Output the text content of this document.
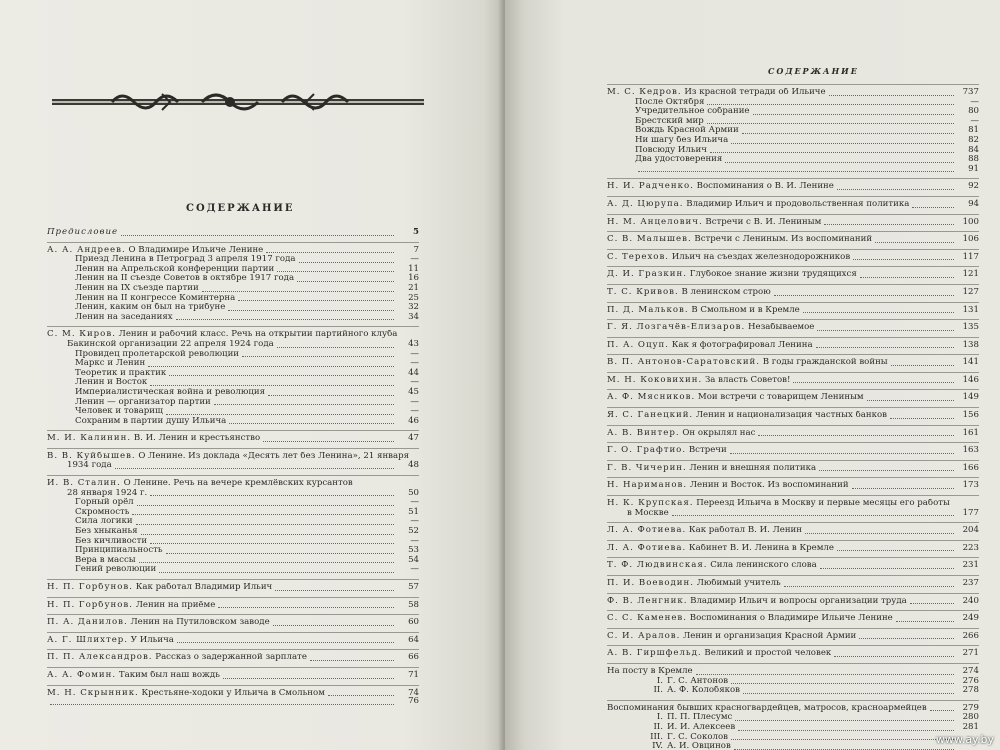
СОДЕРЖАНИЕ
Предисловие	5
А. А. Андреев. О Владимире Ильиче Ленине	7
Приезд Ленина в Петроград 3 апреля 1917 года	—
Ленин на Апрельской конференции партии	11
Ленин на II съезде Советов в октябре 1917 года	16
Ленин на IX съезде партии	21
Ленин на II конгрессе Коминтерна	25
Ленин, каким он был на трибуне	32
Ленин на заседаниях	34
С. М. Киров. Ленин и рабочий класс. Речь на открытии партийного клуба
Бакинской организации 22 апреля 1924 года	43
Провидец пролетарской революции	—
Маркс и Ленин	—
Теоретик и практик	44
Ленин и Восток	—
Империалистическая война и революция	45
Ленин — организатор партии	—
Человек и товарищ	—
Сохраним в партии душу Ильича	46
М. И. Калинин. В. И. Ленин и крестьянство	47
В. В. Куйбышев. О Ленине. Из доклада «Десять лет без Ленина», 21 января
1934 года	48
И. В. Сталин. О Ленине. Речь на вечере кремлёвских курсантов
28 января 1924 г.	50
Горный орёл	—
Скромность	51
Сила логики	—
Без хныканья	52
Без кичливости	—
Принципиальность	53
Вера в массы	54
Гений революции	—
Н. П. Горбунов. Как работал Владимир Ильич	57
Н. П. Горбунов. Ленин на приёме	58
П. А. Данилов. Ленин на Путиловском заводе	60
А. Г. Шлихтер. У Ильича	64
П. П. Александров. Рассказ о задержанной зарплате	66
А. А. Фомин. Таким был наш вождь	71
М. Н. Скрынник. Крестьяне-ходоки у Ильича в Смольном	74
76
СОДЕРЖАНИЕ
М. С. Кедров. Из красной тетради об Ильиче	737
После Октября	—
Учредительное собрание	80
Брестский мир	—
Вождь Красной Армии	81
Ни шагу без Ильича	82
Повсюду Ильич	84
Два удостоверения	88
91
Н. И. Радченко. Воспоминания о В. И. Ленине	92
А. Д. Цюрупа. Владимир Ильич и продовольственная политика	94
Н. М. Анцелович. Встречи с В. И. Лениным	100
С. В. Малышев. Встречи с Лениным. Из воспоминаний	106
С. Терехов. Ильич на съездах железнодорожников	117
Д. И. Гразкин. Глубокое знание жизни трудящихся	121
Т. С. Кривов. В ленинском строю	127
П. Д. Мальков. В Смольном и в Кремле	131
Г. Я. Лозгачёв-Елизаров. Незабываемое	135
П. А. Оцуп. Как я фотографировал Ленина	138
В. П. Антонов-Саратовский. В годы гражданской войны	141
М. Н. Коковихин. За власть Советов!	146
А. Ф. Мясников. Мои встречи с товарищем Лениным	149
Я. С. Ганецкий. Ленин и национализация частных банков	156
А. В. Винтер. Он окрылял нас	161
Г. О. Графтио. Встречи	163
Г. В. Чичерин. Ленин и внешняя политика	166
Н. Нариманов. Ленин и Восток. Из воспоминаний	173
Н. К. Крупская. Переезд Ильича в Москву и первые месяцы его работы
в Москве	177
Л. А. Фотиева. Как работал В. И. Ленин	204
Л. А. Фотиева. Кабинет В. И. Ленина в Кремле	223
Т. Ф. Людвинская. Сила ленинского слова	231
П. И. Воеводин. Любимый учитель	237
Ф. В. Ленгник. Владимир Ильич и вопросы организации труда	240
С. С. Каменев. Воспоминания о Владимире Ильиче Ленине	249
С. И. Аралов. Ленин и организация Красной Армии	266
А. В. Гиршфельд. Великий и простой человек	271
На посту в Кремле	274
I. Г. С. Антонов	276
II. А. Ф. Колобяков	278
Воспоминания бывших красногвардейцев, матросов, красноармейцев	279
I. П. П. Плесумс	280
II. И. И. Алексеев	281
III. Г. С. Соколов
IV. А. И. Овцинов
www.ay.by
